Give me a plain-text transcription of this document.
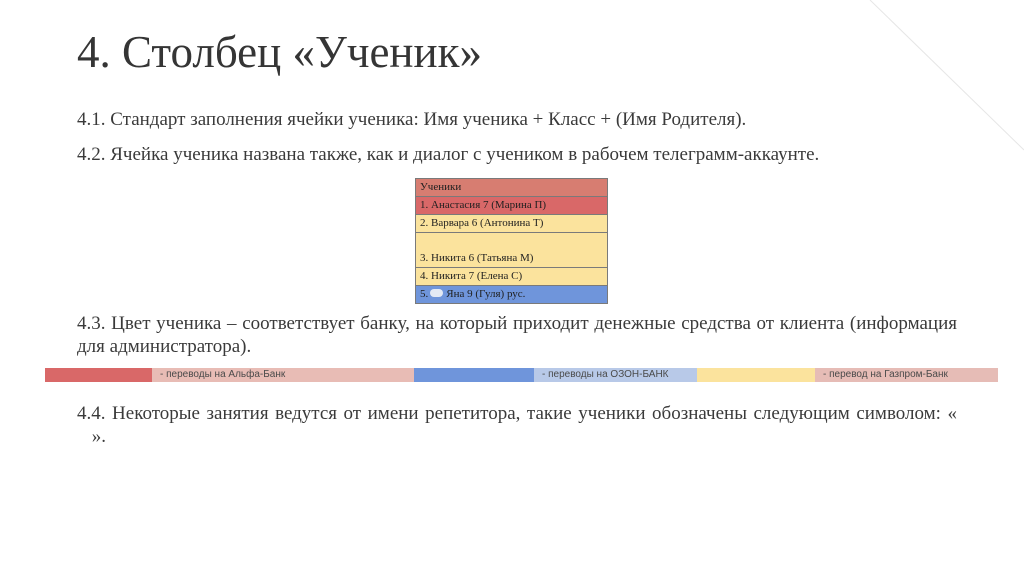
4. Столбец «Ученик»

4.1. Стандарт заполнения ячейки ученика: Имя ученика + Класс + (Имя Родителя).

4.2. Ячейка ученика названа также, как и диалог с учеником в рабочем телеграмм-аккаунте.

Ученики
1. Анастасия 7 (Марина П)
2. Варвара 6 (Антонина Т)
3. Никита 6 (Татьяна М)
4. Никита 7 (Елена С)
5. Яна 9 (Гуля) рус.

4.3. Цвет ученика – соответствует банку, на который приходит денежные средства от клиента (информация для администратора).

- переводы на Альфа-Банк	- переводы на ОЗОН-БАНК	- перевод на Газпром-Банк

4.4. Некоторые занятия ведутся от имени репетитора, такие ученики обозначены следующим символом: « ».
